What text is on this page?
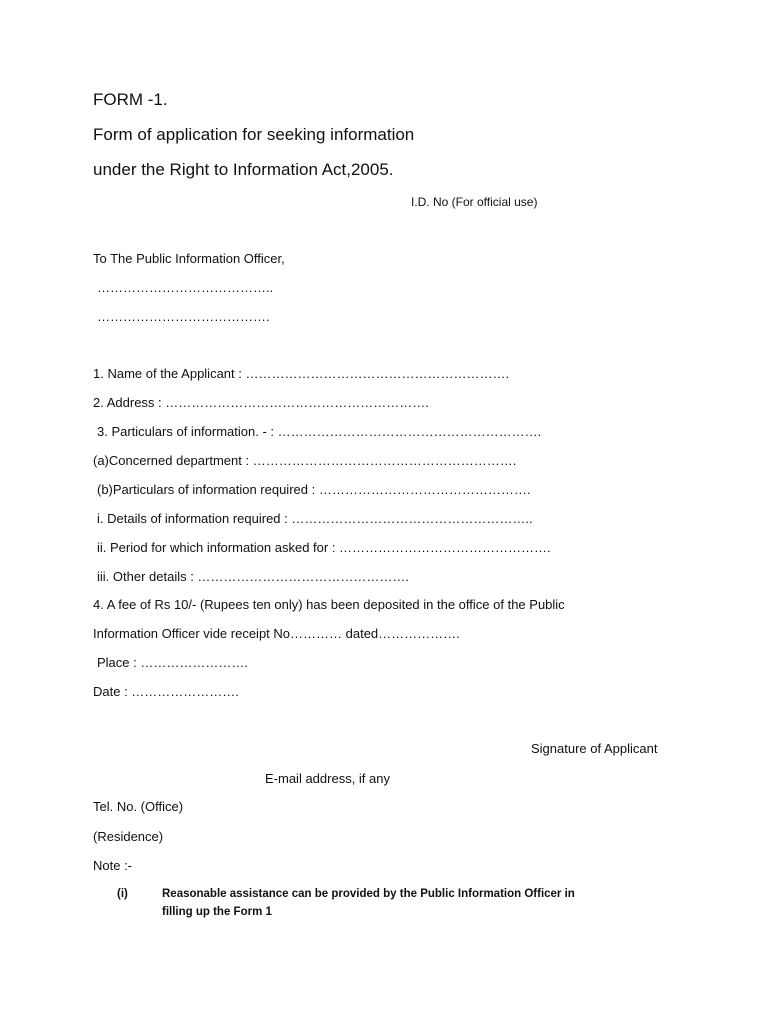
FORM -1.
Form of application for seeking information
under the Right to Information Act,2005.
I.D. No (For official use)
To The Public Information Officer,
…………………………………..
………………………………….
1. Name of the Applicant : …………………………………………………….
2. Address : …………………………………………………….
3. Particulars of information. - : …………………………………………………….
(a)Concerned department : …………………………………………………….
(b)Particulars of information required : ………………………………………….
i. Details of information required : ………………………………………………..
ii. Period for which information asked for : ………………………………………….
iii. Other details : ………………………………………….
4. A fee of Rs 10/- (Rupees ten only) has been deposited in the office of the Public
Information Officer vide receipt No………… dated……………….
Place : …………………….
Date : …………………….
Signature of Applicant
E-mail address, if any
Tel. No. (Office)
(Residence)
Note :-
(i)	Reasonable assistance can be provided by the Public Information Officer in filling up the Form 1
